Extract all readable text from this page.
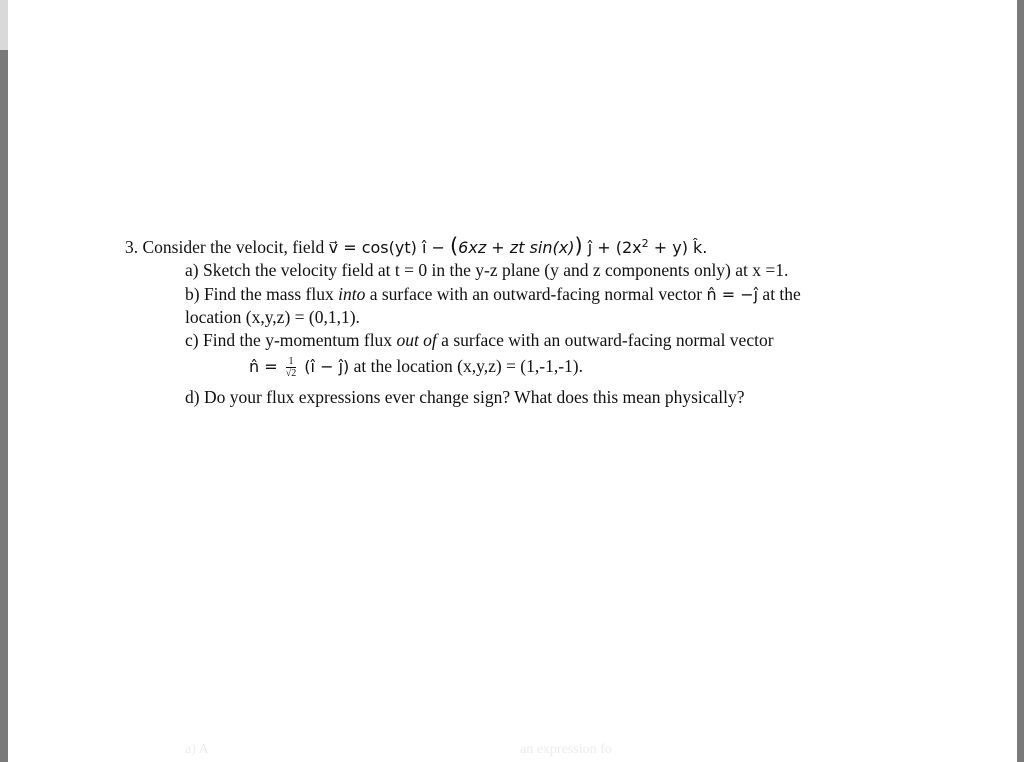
3. Consider the velocit, field v⃗ = cos(yt) ı̂ − (6xz + zt sin(x)) ȷ̂ + $(2x^2 + y)$ k̂.
a) Sketch the velocity field at t = 0 in the y-z plane (y and z components only) at x =1.
b) Find the mass flux into a surface with an outward-facing normal vector n̂ = −ȷ̂ at the
location (x,y,z) = (0,1,1).
c) Find the y-momentum flux out of a surface with an outward-facing normal vector
n̂ = $\frac{1}{√2}$ (ı̂ − ȷ̂) at the location (x,y,z) = (1,-1,-1).
d) Do your flux expressions ever change sign? What does this mean physically?
a) A	an expression fo
